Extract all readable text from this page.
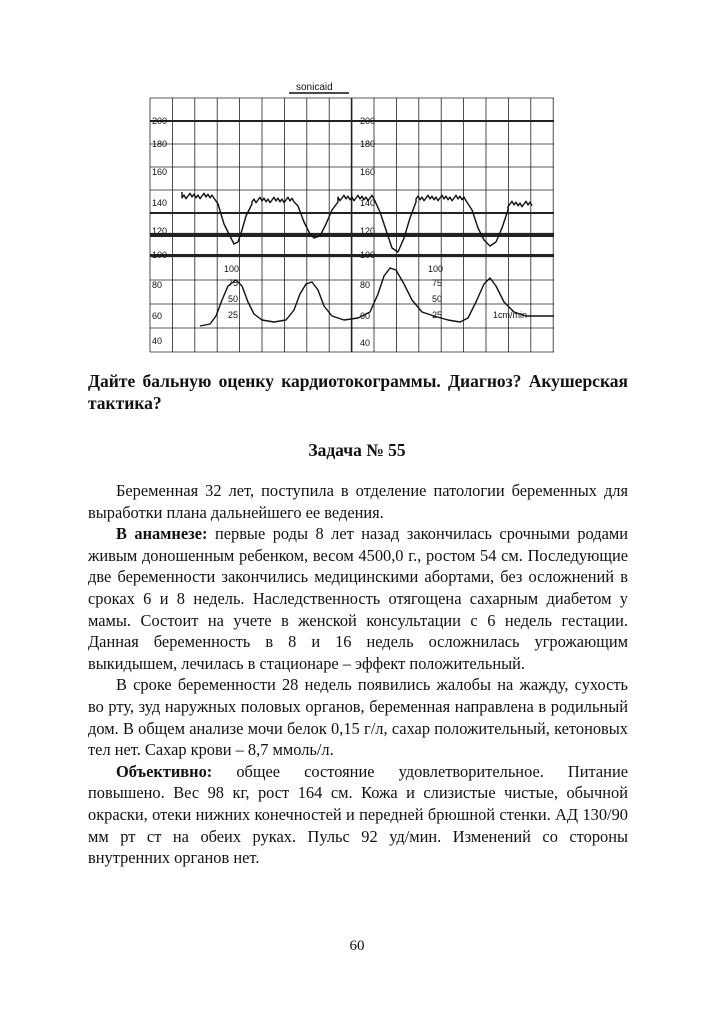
sonicaid
200
180
160
140
120
100
200
180
160
140
120
100
80
60
40
80
60
40
100
75
50
25
100
75
50
25	1cm/min
Дайте бальную оценку кардиотокограммы. Диагноз? Акушерская тактика?
Задача № 55

Беременная 32 лет, поступила в отделение патологии беременных для выработки плана дальнейшего ее ведения.

В анамнезе: первые роды 8 лет назад закончилась срочными родами живым доношенным ребенком, весом 4500,0 г., ростом 54 см. Последующие две беременности закончились медицинскими абортами, без осложнений в сроках 6 и 8 недель. Наследственность отягощена сахарным диабетом у мамы. Состоит на учете в женской консультации с 6 недель гестации. Данная беременность в 8 и 16 недель осложнилась угрожающим выкидышем, лечилась в стационаре – эффект положительный.

В сроке беременности 28 недель появились жалобы на жажду, сухость во рту, зуд наружных половых органов, беременная направлена в родильный дом. В общем анализе мочи белок 0,15 г/л, сахар положительный, кетоновых тел нет. Сахар крови – 8,7 ммоль/л.

Объективно: общее состояние удовлетворительное. Питание повышено. Вес 98 кг, рост 164 см. Кожа и слизистые чистые, обычной окраски, отеки нижних конечностей и передней брюшной стенки. АД 130/90 мм рт ст на обеих руках. Пульс 92 уд/мин. Изменений со стороны внутренних органов нет.

60
